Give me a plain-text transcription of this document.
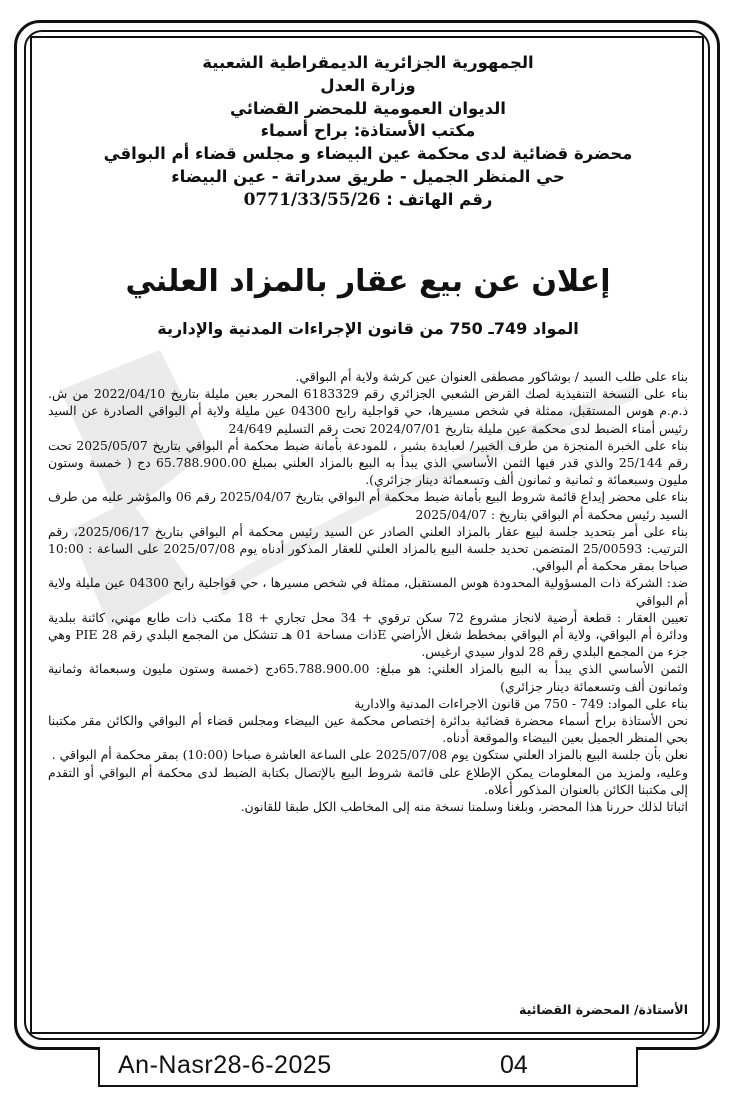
الجمهورية الجزائرية الديمقراطية الشعبية
وزارة العدل
الديوان العمومية للمحضر القضائي
مكتب الأستاذة: براح أسماء
محضرة قضائية لدى محكمة عين البيضاء و مجلس قضاء أم البواقي
حي المنظر الجميل - طريق سدراتة - عين البيضاء
رقم الهاتف : 0771/33/55/26
إعلان عن بيع عقار بالمزاد العلني
المواد 749ـ 750 من قانون الإجراءات المدنية والإدارية

بناء على طلب السيد / بوشاكور مصطفى العنوان عين كرشة ولاية أم البواقي.

بناء على النسخة التنفيذية لصك القرض الشعبي الجزائري رقم 6183329 المحرر بعين مليلة بتاريخ 2022/04/10 من ش. ذ.م.م هوس المستقبل، ممثلة في شخص مسيرها، حي قواجلية رابح 04300 عين مليلة ولاية أم البواقي الصادرة عن السيد رئيس أمناء الضبط لدى محكمة عين مليلة بتاريخ 2024/07/01 تحت رقم التسليم 24/649

بناء على الخبرة المنجزة من طرف الخبير/ لعبايدة بشير ، للمودعة بأمانة ضبط محكمة أم البواقي بتاريخ 2025/05/07 تحت رقم 25/144 والذي قدر فيها الثمن الأساسي الذي يبدأ به البيع بالمزاد العلني بمبلغ 65.788.900.00 دج ( خمسة وستون مليون وسبعمائة و ثمانية و ثمانون ألف وتسعمائة دينار جزائري).

بناء على محضر إيداع قائمة شروط البيع بأمانة ضبط محكمة أم البواقي بتاريخ 2025/04/07 رقم 06 والمؤشر عليه من طرف السيد رئيس محكمة أم البواقي بتاريخ : 2025/04/07

بناء على أمر بتحديد جلسة لبيع عقار بالمزاد العلني الصادر عن السيد رئيس محكمة أم البواقي بتاريخ 2025/06/17، رقم الترتيب: 25/00593 المتضمن تحديد جلسة البيع بالمزاد العلني للعقار المذكور أدناه يوم 2025/07/08 على الساعة : 10:00 صباحا بمقر محكمة أم البواقي.

ضد: الشركة ذات المسؤولية المحدودة هوس المستقبل، ممثلة في شخص مسيرها ، حي قواجلية رابح 04300 عين مليلة ولاية أم البواقي

تعيين العقار : قطعة أرضية لانجاز مشروع 72 سكن ترقوي + 34 محل تجاري + 18 مكتب ذات طابع مهني، كائنة ببلدية ودائرة أم البواقي، ولاية أم البواقي بمخطط شغل الأراضي Eذات مساحة 01 هـ تتشكل من المجمع البلدي رقم 28 PIE وهي جزء من المجمع البلدي رقم 28 لدوار سيدي ارغيس.

الثمن الأساسي الذي يبدأ به البيع بالمزاد العلني: هو مبلغ: 65.788.900.00دج (خمسة وستون مليون وسبعمائة وثمانية وثمانون ألف وتسعمائة دينار جزائري)

بناء على المواد: 749 - 750 من قانون الاجراءات المدنية والادارية

نحن الأستاذة براح أسماء محضرة قضائية بدائرة إختصاص محكمة عين البيضاء ومجلس قضاء أم البواقي والكائن مقر مكتبنا بحي المنظر الجميل بعين البيضاء والموقعة أدناه.

نعلن بأن جلسة البيع بالمزاد العلني ستكون يوم 2025/07/08 على الساعة العاشرة صباحا (10:00) بمقر محكمة أم البواقي .

وعليه، ولمزيد من المعلومات يمكن الإطلاع على قائمة شروط البيع بالإتصال بكتابة الضبط لدى محكمة أم البواقي أو التقدم إلى مكتبنا الكائن بالعنوان المذكور أعلاه.

اثباتا لذلك حررنا هذا المحضر، وبلغنا وسلمنا نسخة منه إلى المخاطب الكل طبقا للقانون.

الأستاذة/ المحضرة القضائية
An-Nasr28-6-2025	04
